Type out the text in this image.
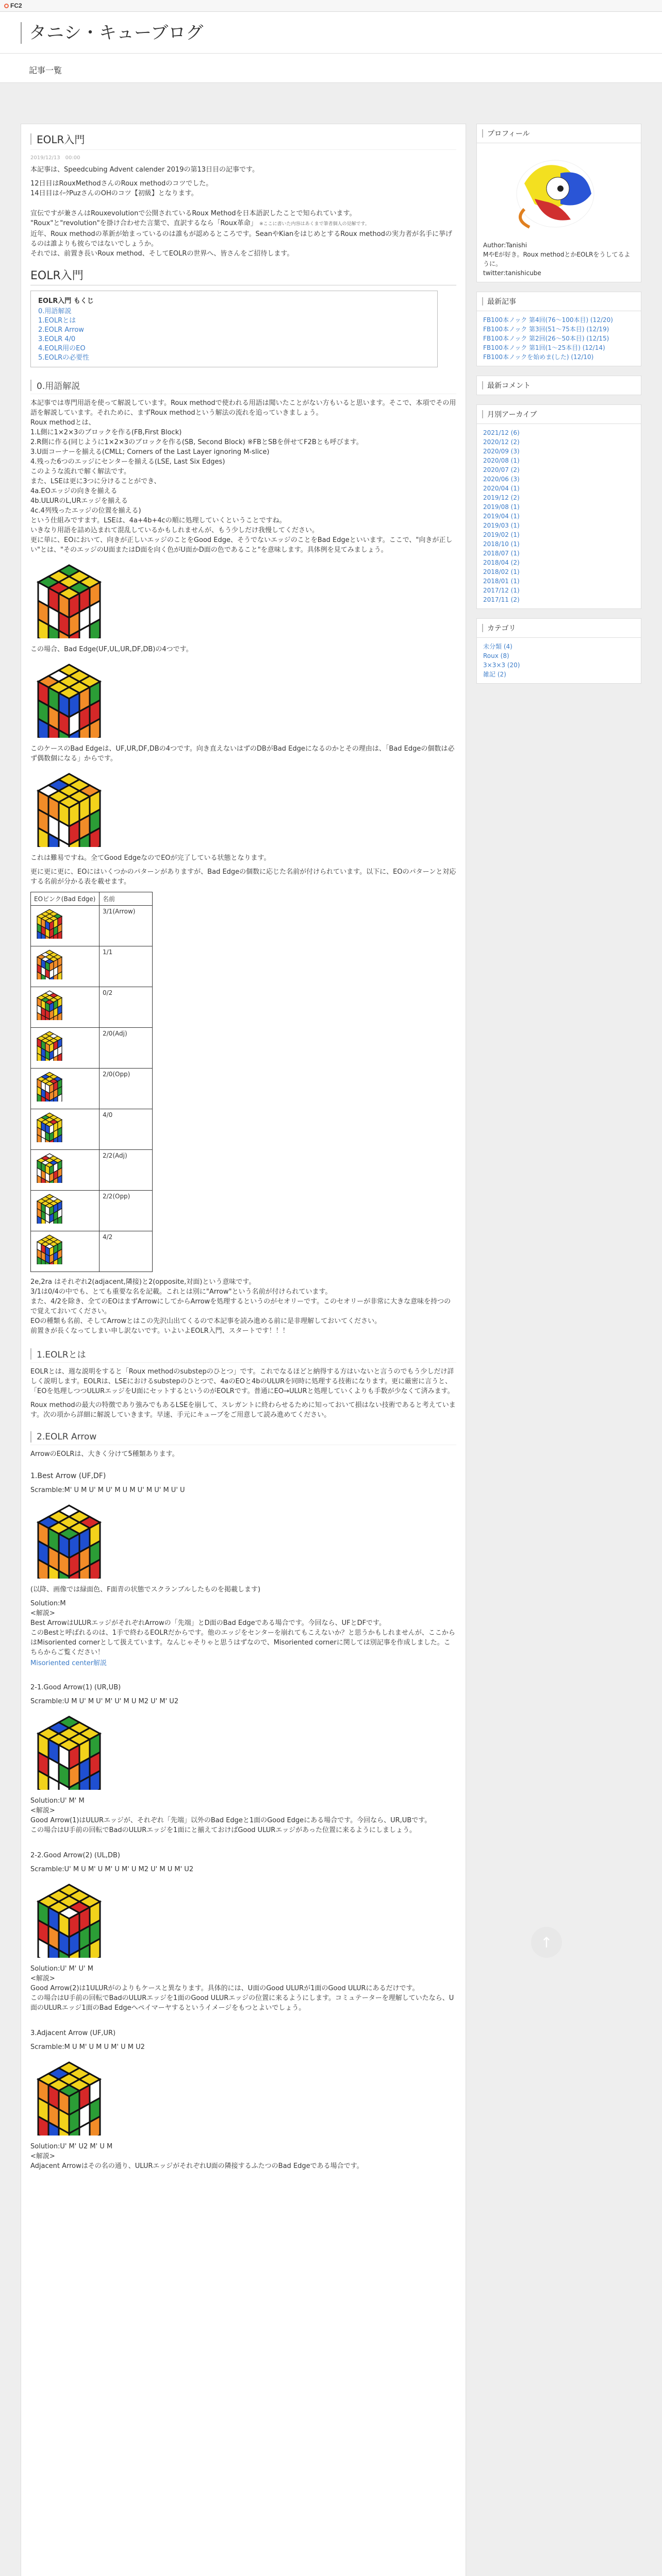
FC2
タニシ・キューブログ
記事一覧
EOLR入門
2019/12/13　00:00

本記事は、Speedcubing Advent calender 2019の第13日目の記事です。

12日目はRouxMethodさんのRoux methodのコツでした。

14日目はｲｰｸPuzさんのOHのコツ【初級】となります。

宣伝ですが兼さんはRouxevolutionで公開されているRoux Methodを日本語訳したことで知られています。

"Roux"と"revolution"を掛け合わせた言葉で、直訳するなら「Roux革命」 ※ここに書いた内容はあくまで筆者個人の見解です。

近年、Roux methodの革新が始まっているのは誰もが認めるところです。SeanやKianをはじめとするRoux methodの実力者が名手に挙げるのは誰よりも彼らではないでしょうか。

それでは、前置き長いRoux method、そしてEOLRの世界へ、皆さんをご招待します。

EOLR入門
EOLR入門 もくじ
0.用語解説
1.EOLRとは
2.EOLR Arrow
3.EOLR 4/0
4.EOLR用のEO
5.EOLRの必要性
0.用語解説

本記事では専門用語を使って解説しています。Roux methodで使われる用語は聞いたことがない方もいると思います。そこで、本項でその用語を解説しています。それために、まずRoux methodという解法の流れを追っていきましょう。

Roux methodとは、

1.L側に1×2×3のブロックを作る(FB,First Block)

2.R側に作る(同じように1×2×3のブロックを作る(SB, Second Block) ※FBとSBを併せてF2Bとも呼びます。

3.U面コーナーを揃える(CMLL; Corners of the Last Layer ignoring M-slice)

4.残った6つのエッジにセンターを揃える(LSE, Last Six Edges)

このような流れで解く解法です。

また、LSEは更に3つに分けることができ、

4a.EOエッジの向きを揃える

4b.ULURのL,URエッジを揃える

4c.4列残ったエッジの位置を揃える)

という仕組みですます。LSEは、4a+4b+4cの順に処理していくということですね。

いきなり用語を詰め込まれて混乱しているかもしれませんが、もう少しだけ我慢してください。

更に単に、EOにおいて、向きが正しいエッジのことをGood Edge、そうでないエッジのことをBad Edgeといいます。ここで、"向きが正しい"とは、"そのエッジのU面またはD面を向く色がU面かD面の色であること"を意味します。具体例を見てみましょう。

この場合、Bad Edge(UF,UL,UR,DF,DB)の4つです。

このケースのBad Edgeは、UF,UR,DF,DBの4つです。向き直えないはずのDBがBad Edgeになるのかとその理由は、「Bad Edgeの個数は必ず偶数個になる」からです。

これは難易ですね。全てGood EdgeなのでEOが完了している状態となります。

更に更に更に、EOにはいくつかのパターンがありますが、Bad Edgeの個数に応じた名前が付けられています。以下に、EOのパターンと対応する名前が分かる表を載せます。

EOピンク(Bad Edge)	名前
	3/1(Arrow)
	1/1
	0/2
	2/0(Adj)
	2/0(Opp)
	4/0
	2/2(Adj)
	2/2(Opp)
	4/2

2e,2ra はそれぞれ2(adjacent,隣接)と2(opposite,対面)という意味です。

3/1は0/4の中でも、とても重要な名を記載。これとは別に"Arrow"という名前が付けられています。

また、4/2を除き、全てのEOはまずArrowにしてからArrowを処理するというのがセオリーです。このセオリーが非常に大きな意味を持つので覚えておいてください。

EOの種類も名前、そしてArrowとはこの先沢山出てくるので本記事を読み進める前に是非理解しておいてください。

前置きが長くなってしまい申し訳ないです。いよいよEOLR入門、スタートです！！！

1.EOLRとは

EOLRとは、週な説明をすると「Roux methodのsubstepのひとつ」です。これでなるほどと納得する方はいないと言うのでもう少しだけ詳しく説明します。EOLRは、LSEにおけるsubstepのひとつで、4aのEOと4bのULURを同時に処理する技術になります。更に厳密に言うと、「EOを処理しつつULURエッジをU面にセットするというのがEOLRです。普通にEO→ULURと処理していくよりも手数が少なくて済みます。

Roux methodの最大の特徴であり強みでもあるLSEを崩して、スレガントに終わらせるために知っておいて損はない技術であると考えています。次の項から詳細に解説していきます。早速、手元にキューブをご用意して読み進めてください。

2.EOLR Arrow

ArrowのEOLRは、大きく分けて5種類あります。

1.Best Arrow (UF,DF)

Scramble:M' U M U' M U' M U M U' M U' M U' U

(以降、画像では緑面色、F面青の状態でスクランブルしたものを掲載します)

Solution:M

<解説>

Best ArrowはULURエッジがそれぞれArrowの「先端」とD面のBad Edgeである場合です。今回なら、UFとDFです。

このBestと呼ばれるのは、1手で終わるEOLRだからです。他のエッジをセンターを崩れてもこえないか？と思うかもしれませんが、ここからはMisoriented cornerとして扱えています。なんじゃそりゃと思うはずなので、Misoriented cornerに関しては別記事を作成しました。こちらからご覧ください！

Misoriented center解説

2-1.Good Arrow(1) (UR,UB)

Scramble:U M U' M U' M' U' M U M2 U' M' U2

Solution:U' M' M

<解説>

Good Arrow(1)はULURエッジが、それぞれ「先端」以外のBad Edgeと1面のGood Edgeにある場合です。今回なら、UR,UBです。

この場合はU手前の回転でBadのULURエッジを1面にと揃えておけばGood ULURエッジがあった位置に来るようにしましょう。

2-2.Good Arrow(2) (UL,DB)

Scramble:U' M U M' U M' U M' U M2 U' M U M' U2

Solution:U' M' U' M

<解説>

Good Arrow(2)は1ULURがのよりもケースと異なります。具体的には、U面のGood ULURが1面のGood ULURにあるだけです。

この場合はU手前の回転でBadのULURエッジを1面のGood ULURエッジの位置に来るようにします。コミュテーターを理解していたなら、U面のULURエッジ1面のBad Edgeへペイマーヤするというイメージをもつとよいでしょう。

3.Adjacent Arrow (UF,UR)

Scramble:M U M' U M U M' U M U2

Solution:U' M' U2 M' U M

<解説>

Adjacent Arrowはその名の通り、ULURエッジがそれぞれU面の隣接するふたつのBad Edgeである場合です。

プロフィール
Author:Tanishi
MやEが好き。Roux methodとかEOLRをうしてるように。
twitter:tanishicube
最新記事
FB100本ノック 第4回(76〜100本目) (12/20)
FB100本ノック 第3回(51〜75本目) (12/19)
FB100本ノック 第2回(26〜50本目) (12/15)
FB100本ノック 第1回(1〜25本目) (12/14)
FB100本ノックを始めま(した) (12/10)
最新コメント
月別アーカイブ
2021/12 (6)
2020/12 (2)
2020/09 (3)
2020/08 (1)
2020/07 (2)
2020/06 (3)
2020/04 (1)
2019/12 (2)
2019/08 (1)
2019/04 (1)
2019/03 (1)
2019/02 (1)
2018/10 (1)
2018/07 (1)
2018/04 (2)
2018/02 (1)
2018/01 (1)
2017/12 (1)
2017/11 (2)
カテゴリ
未分類 (4)
Roux (8)
3×3×3 (20)
雑記 (2)
↑
